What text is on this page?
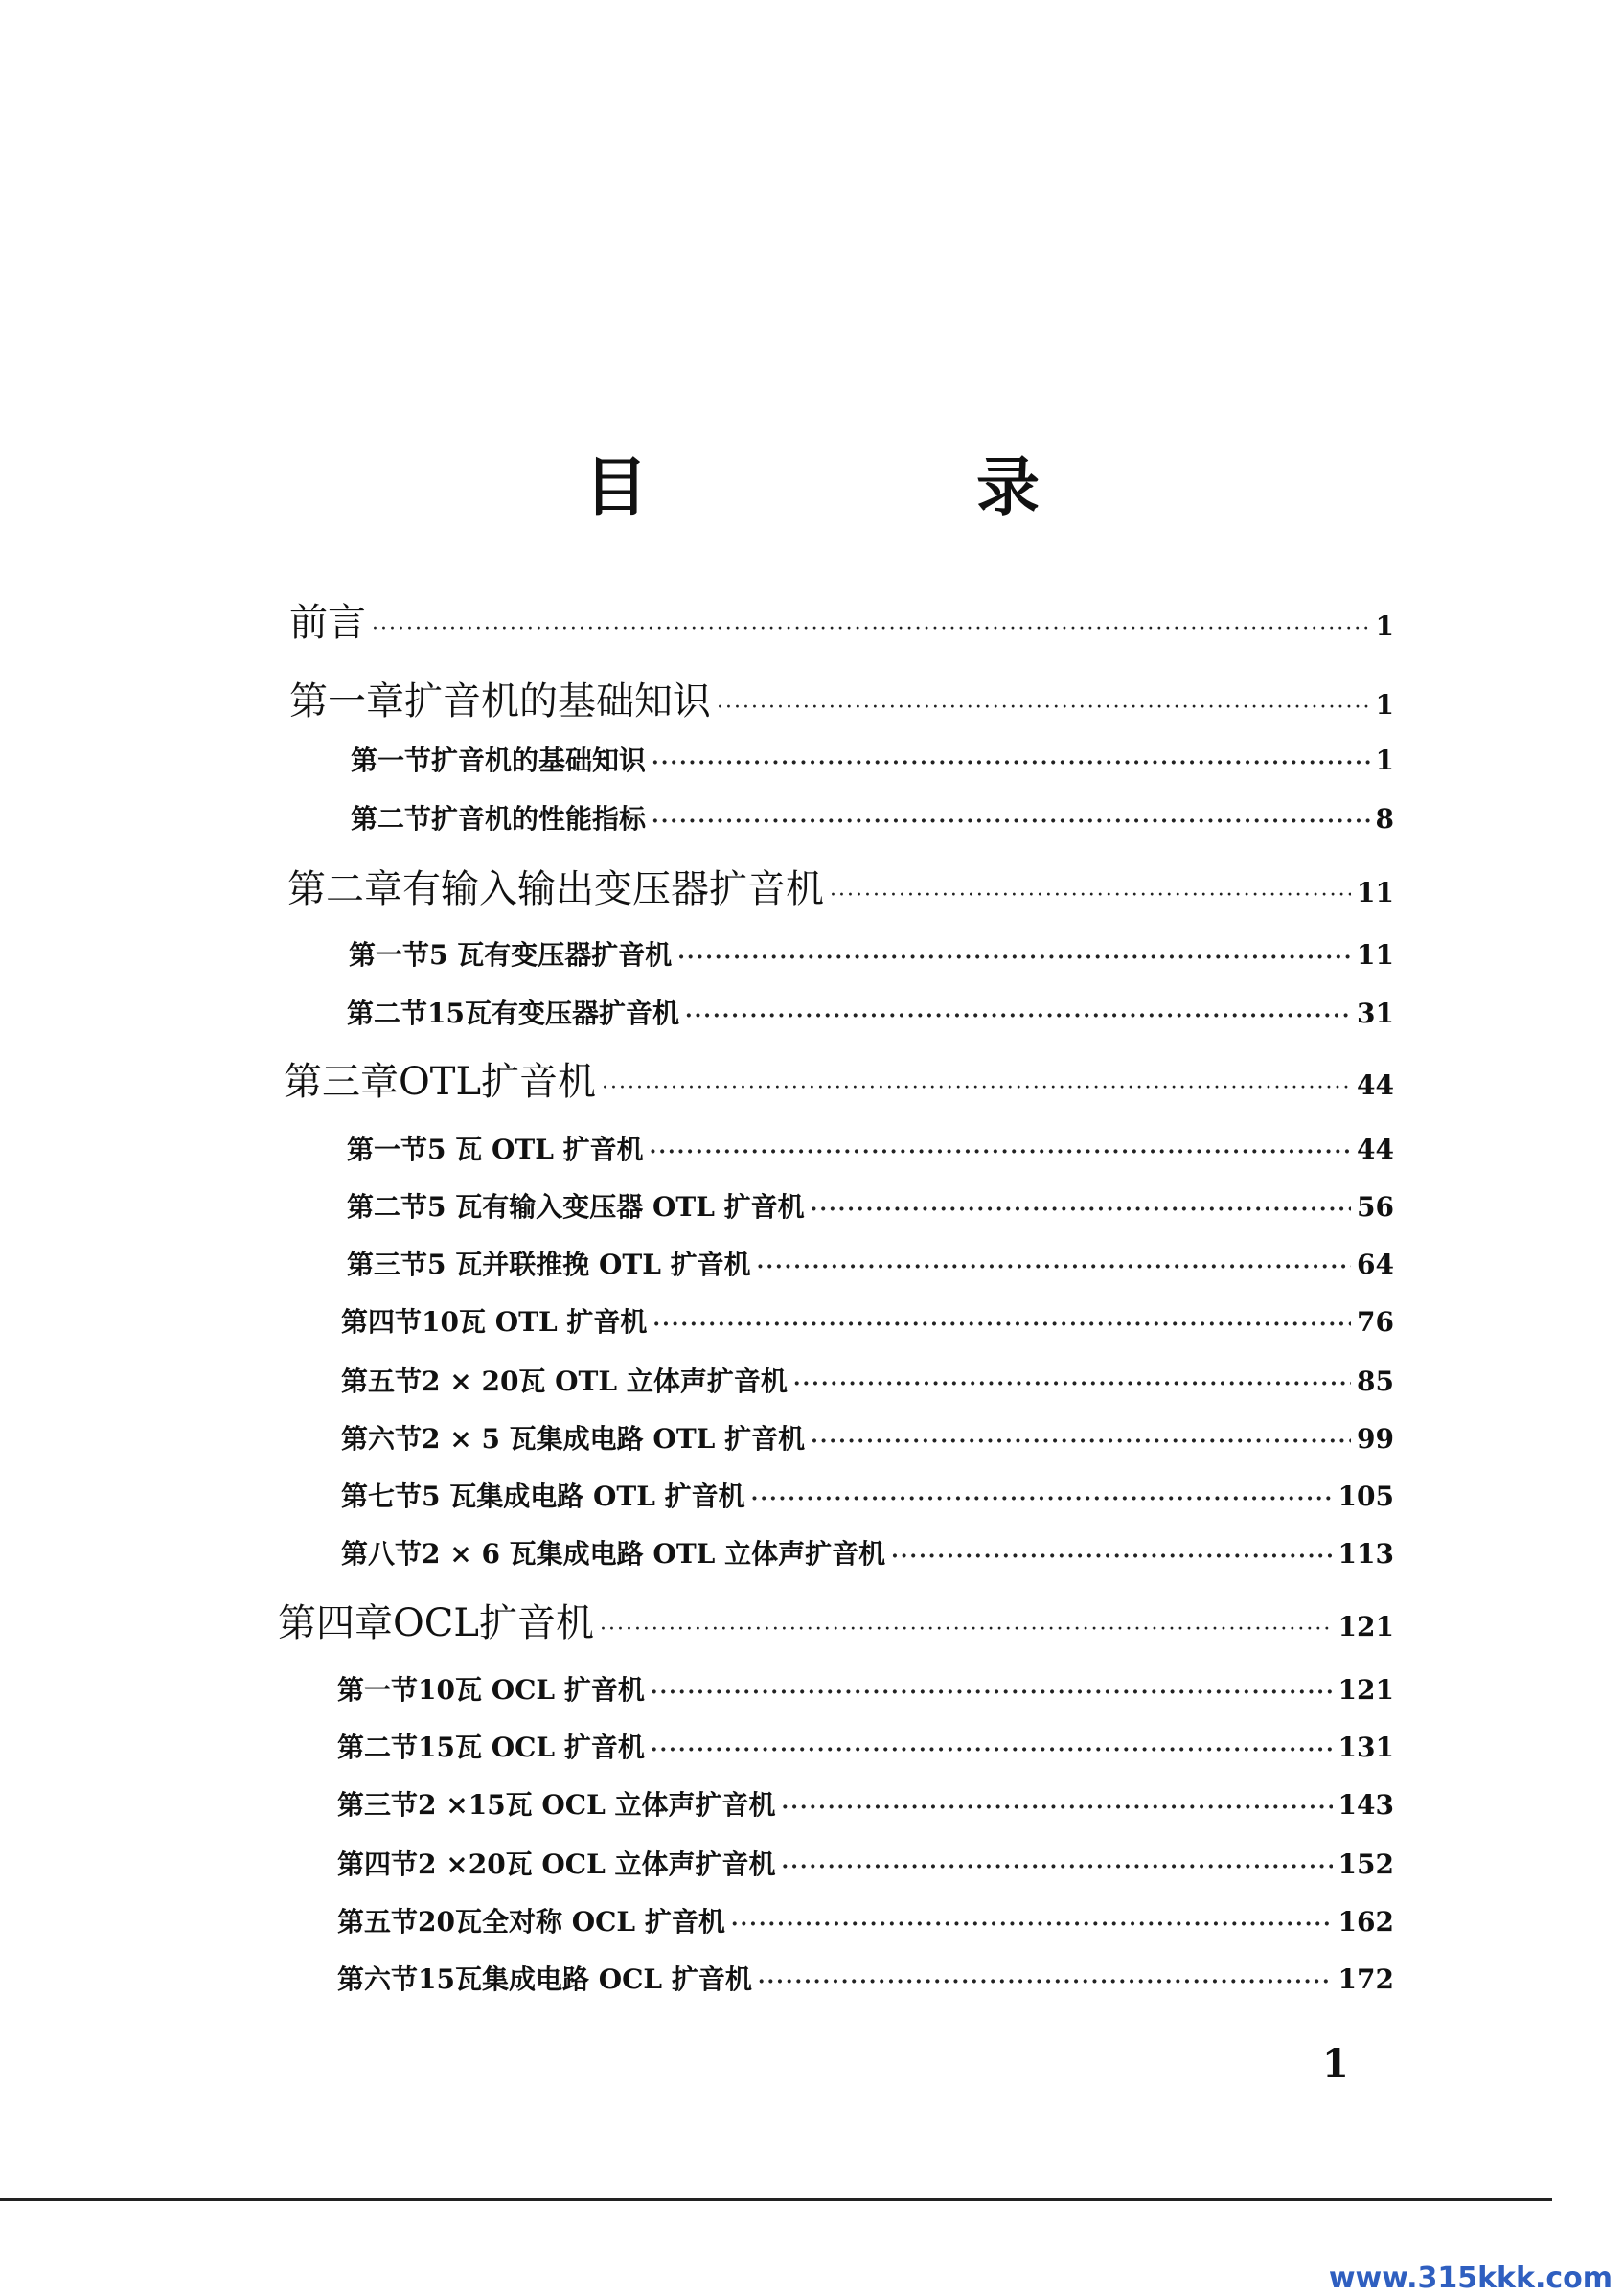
目 录
前言 ·····	1
第一章 扩音机的基础知识 ·····	1
第一节 扩音机的基础知识 ·····	1
第二节 扩音机的性能指标 ·····	8
第二章 有输入输出变压器扩音机 ·····	11
第一节 5 瓦有变压器扩音机 ·····	11
第二节 15瓦有变压器扩音机 ·····	31
第三章 OTL扩音机 ·····	44
第一节 5 瓦 OTL 扩音机 ·····	44
第二节 5 瓦有输入变压器 OTL 扩音机 ·····	56
第三节 5 瓦并联推挽 OTL 扩音机 ·····	64
第四节 10瓦 OTL 扩音机 ·····	76
第五节 2 × 20瓦 OTL 立体声扩音机 ·····	85
第六节 2 × 5 瓦集成电路 OTL 扩音机 ·····	99
第七节 5 瓦集成电路 OTL 扩音机 ·····	105
第八节 2 × 6 瓦集成电路 OTL 立体声扩音机 ·····	113
第四章 OCL扩音机 ·····	121
第一节 10瓦 OCL 扩音机 ·····	121
第二节 15瓦 OCL 扩音机 ·····	131
第三节 2 ×15瓦 OCL 立体声扩音机 ·····	143
第四节 2 ×20瓦 OCL 立体声扩音机 ·····	152
第五节 20瓦全对称 OCL 扩音机 ·····	162
第六节 15瓦集成电路 OCL 扩音机 ·····	172
1
www.315kkk.com
